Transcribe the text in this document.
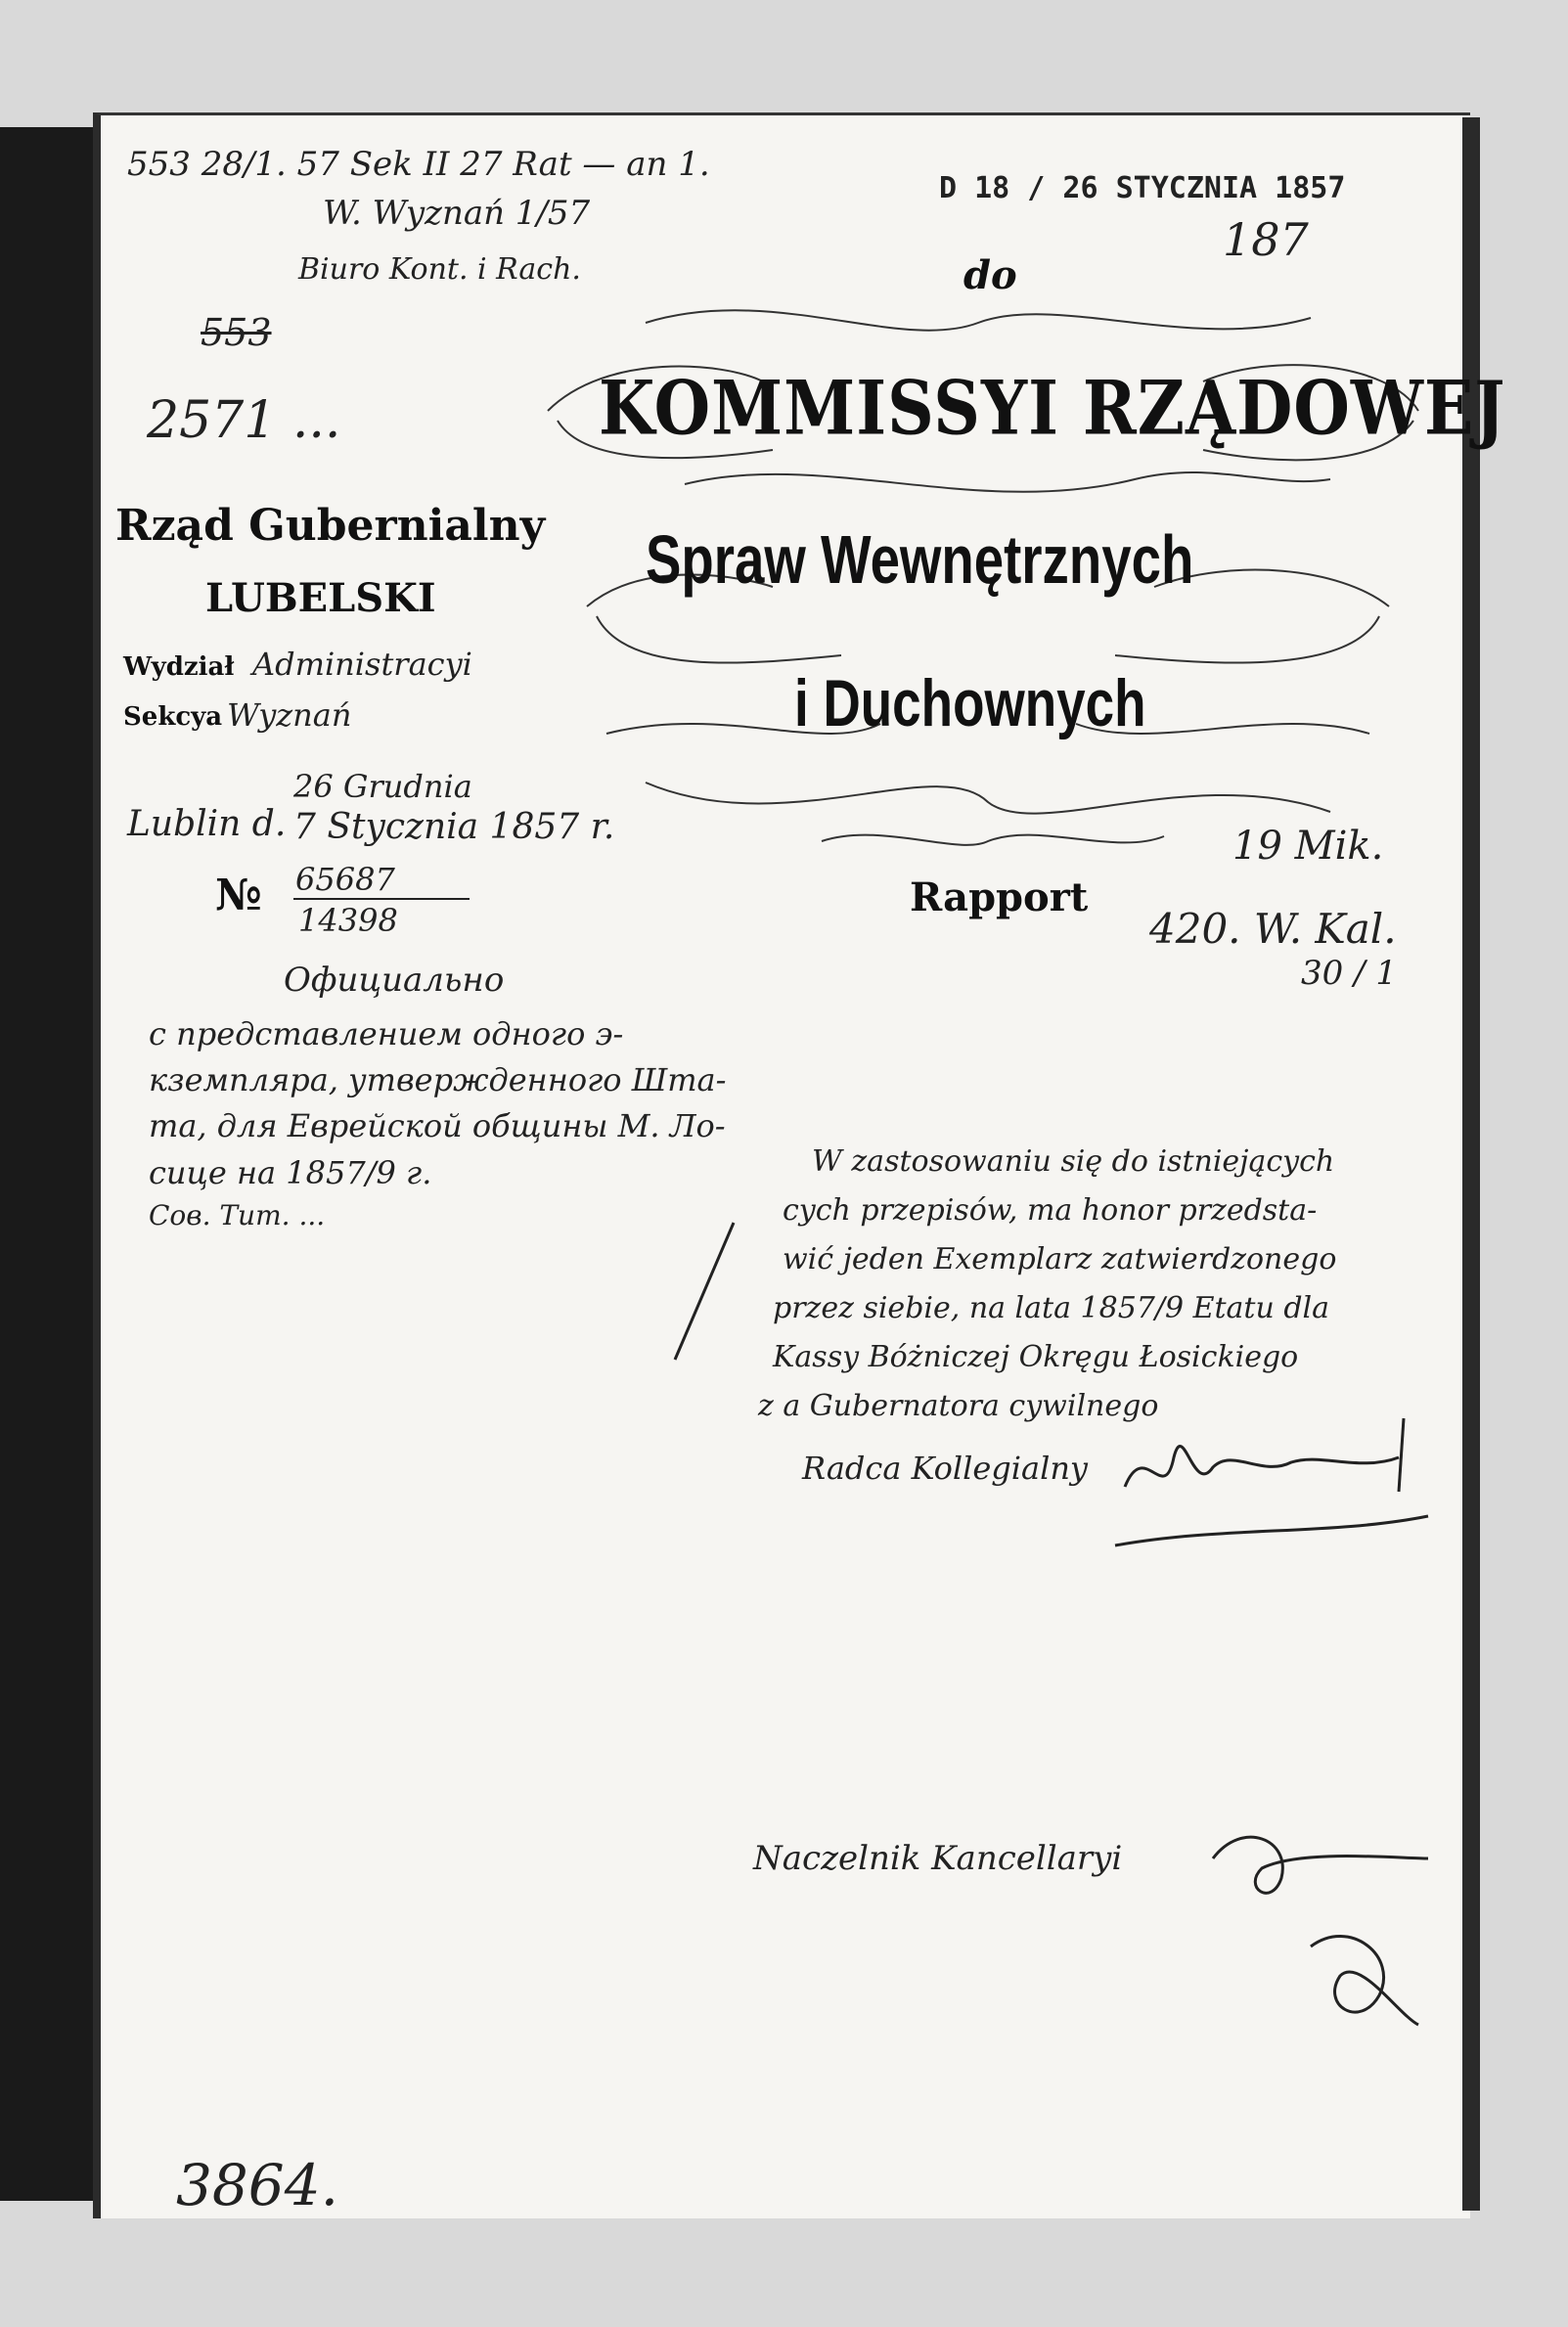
553 28/1. 57 Sek II 27 Rat — an 1.
W. Wyznań 1/57
Biuro Kont. i Rach.
553
2571 ...
D 18 / 26 STYCZNIA 1857
187
do
KOMMISSYI RZĄDOWEJ
Spraw Wewnętrznych
i Duchownych
Rapport
Rząd Gubernialny
LUBELSKI
Wydział Administracyi
Sekcya Wyznań
26 Grudnia
Lublin d. 7 Stycznia 1857 r.
№ 65687
14398
19 Mik.
420. W. Kal.
30 / 1
Официально
с представлением одного э-
кземпляра, утвержденного Шта-
та, для Еврейской общины М. Ло-
сице на 1857/9 г.
Сов. Тит. ...
W zastosowaniu się do istniejących
cych przepisów, ma honor przedsta-
wić jeden Exemplarz zatwierdzonego
przez siebie, na lata 1857/9 Etatu dla
Kassy Bóżniczej Okręgu Łosickiego
z a Gubernatora cywilnego
Radca Kollegialny
Naczelnik Kancellaryi
3864.
